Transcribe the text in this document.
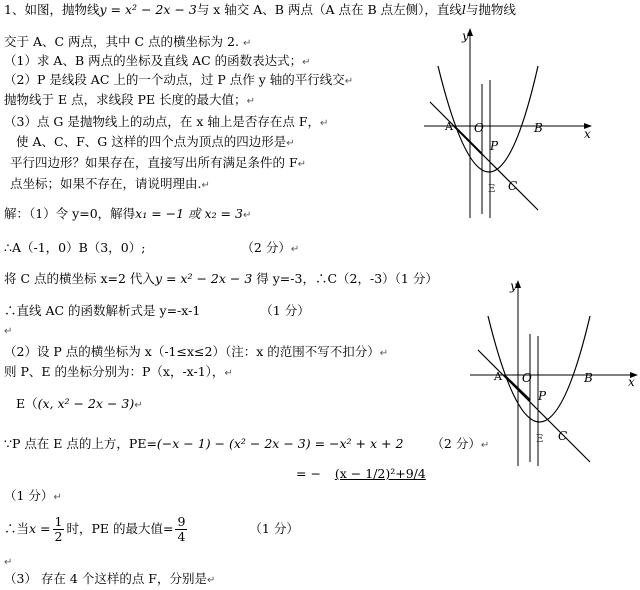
1、如图，抛物线y = x² − 2x − 3与 x 轴交 A、B 两点（A 点在 B 点左侧），直线l与抛物线
交于 A、C 两点，其中 C 点的横坐标为 2. ↵
（1）求 A、B 两点的坐标及直线 AC 的函数表达式；↵
（2）P 是线段 AC 上的一个动点，过 P 点作 y 轴的平行线交↵
抛物线于 E 点，求线段 PE 长度的最大值；↵
（3）点 G 是抛物线上的动点，在 x 轴上是否存在点 F，↵
使 A、C、F、G 这样的四个点为顶点的四边形是↵
平行四边形？如果存在，直接写出所有满足条件的 F↵
点坐标；如果不存在，请说明理由.↵
解：（1）令 y=0，解得x₁ = −1 或 x₂ = 3↵
∴A（-1，0）B（3，0）;	（2 分）↵
将 C 点的横坐标 x=2 代入y = x² − 2x − 3 得 y=-3，∴C（2，-3）（1 分）
∴直线 AC 的函数解析式是 y=-x-1	（1 分）
↵
（2）设 P 点的横坐标为 x（-1≤x≤2）（注：x 的范围不写不扣分）↵
则 P、E 的坐标分别为：P（x，-x-1），↵
E（(x, x² − 2x − 3)↵
∵P 点在 E 点的上方，PE=(−x − 1) − (x² − 2x − 3) = −x² + x + 2 （2 分）↵
= − (x − 1/2)²+9/4
（1 分）↵
∴当$x = \frac{1}{2}$ 时，PE 的最大值= $\frac{9}{4}$	（1 分）
↵
（3） 存在 4 个这样的点 F，分别是↵
y
x
A O	B
P
E C
y
x
A O	B
P
E C
